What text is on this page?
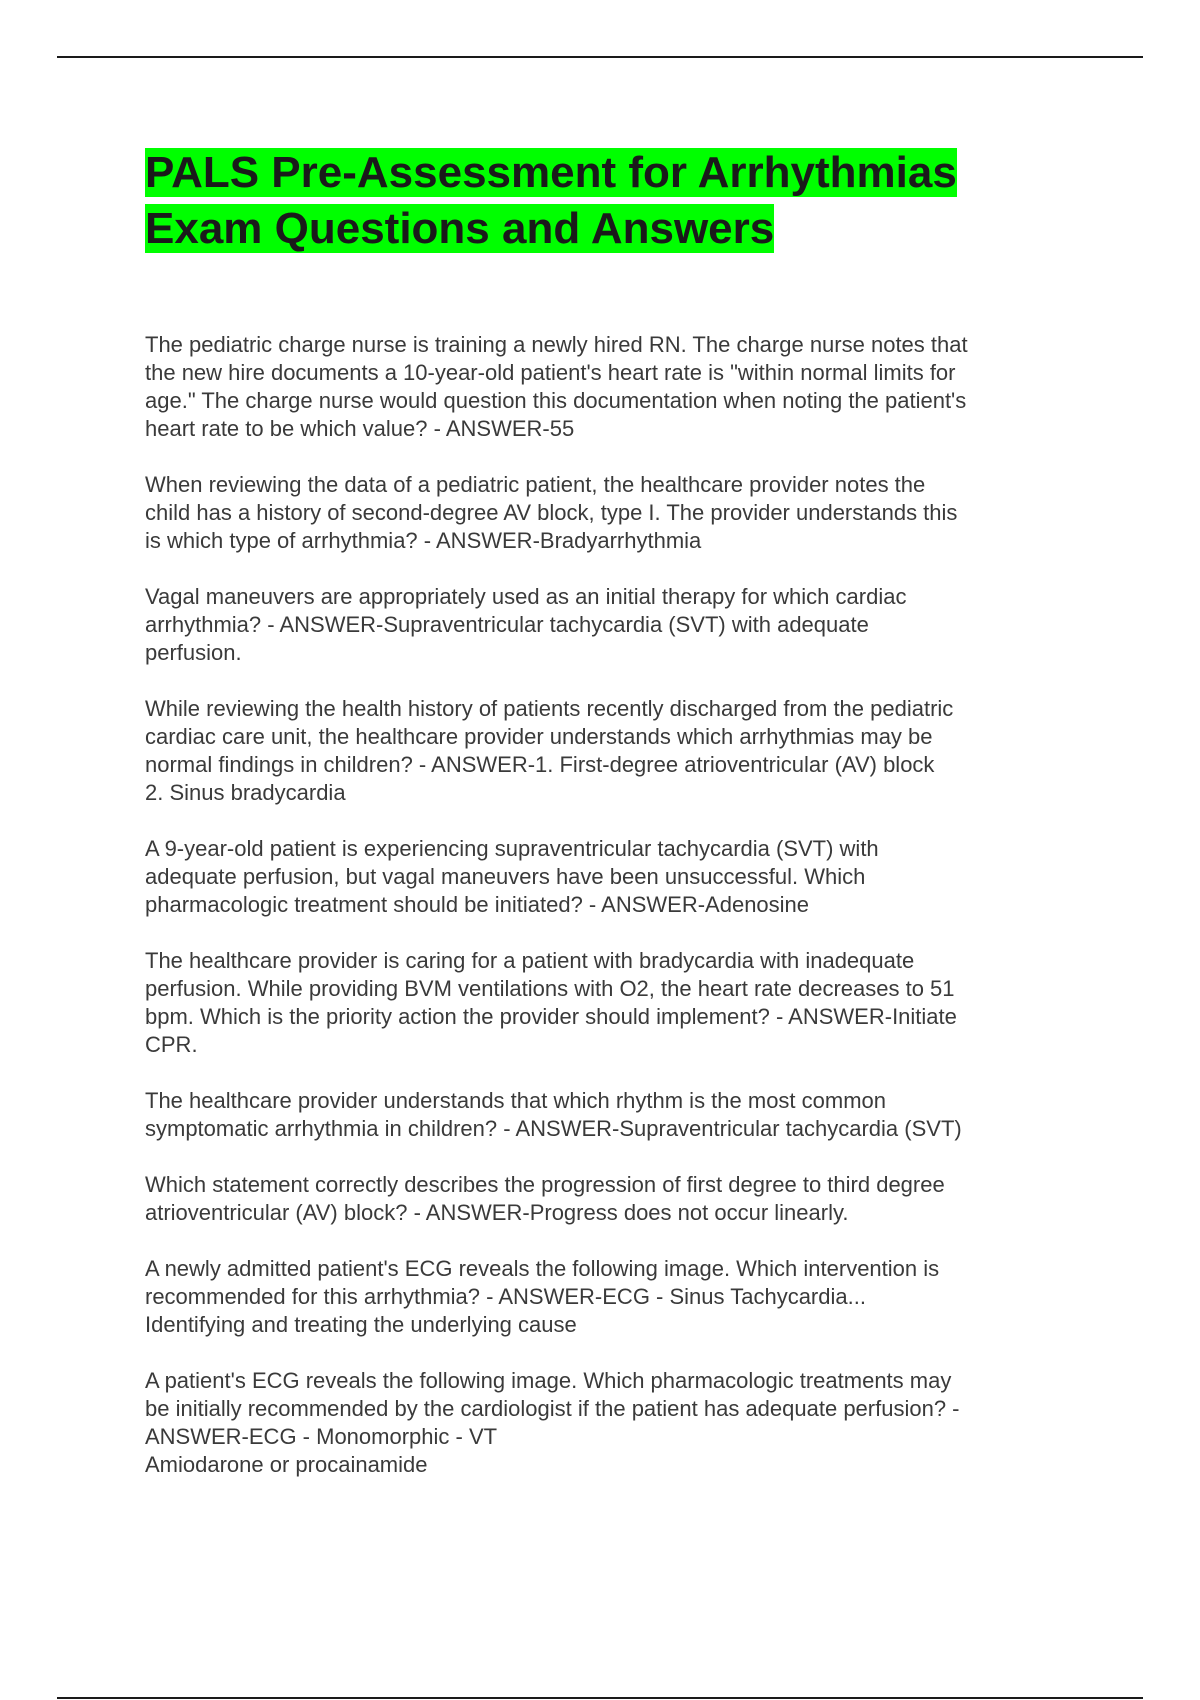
PALS Pre-Assessment for Arrhythmias
Exam Questions and Answers

The pediatric charge nurse is training a newly hired RN. The charge nurse notes that
the new hire documents a 10-year-old patient's heart rate is "within normal limits for
age." The charge nurse would question this documentation when noting the patient's
heart rate to be which value? - ANSWER-55

When reviewing the data of a pediatric patient, the healthcare provider notes the
child has a history of second-degree AV block, type I. The provider understands this
is which type of arrhythmia? - ANSWER-Bradyarrhythmia

Vagal maneuvers are appropriately used as an initial therapy for which cardiac
arrhythmia? - ANSWER-Supraventricular tachycardia (SVT) with adequate
perfusion.

While reviewing the health history of patients recently discharged from the pediatric
cardiac care unit, the healthcare provider understands which arrhythmias may be
normal findings in children? - ANSWER-1. First-degree atrioventricular (AV) block
2. Sinus bradycardia

A 9-year-old patient is experiencing supraventricular tachycardia (SVT) with
adequate perfusion, but vagal maneuvers have been unsuccessful. Which
pharmacologic treatment should be initiated? - ANSWER-Adenosine

The healthcare provider is caring for a patient with bradycardia with inadequate
perfusion. While providing BVM ventilations with O2, the heart rate decreases to 51
bpm. Which is the priority action the provider should implement? - ANSWER-Initiate
CPR.

The healthcare provider understands that which rhythm is the most common
symptomatic arrhythmia in children? - ANSWER-Supraventricular tachycardia (SVT)

Which statement correctly describes the progression of first degree to third degree
atrioventricular (AV) block? - ANSWER-Progress does not occur linearly.

A newly admitted patient's ECG reveals the following image. Which intervention is
recommended for this arrhythmia? - ANSWER-ECG - Sinus Tachycardia...
Identifying and treating the underlying cause

A patient's ECG reveals the following image. Which pharmacologic treatments may
be initially recommended by the cardiologist if the patient has adequate perfusion? -
ANSWER-ECG - Monomorphic - VT
Amiodarone or procainamide
